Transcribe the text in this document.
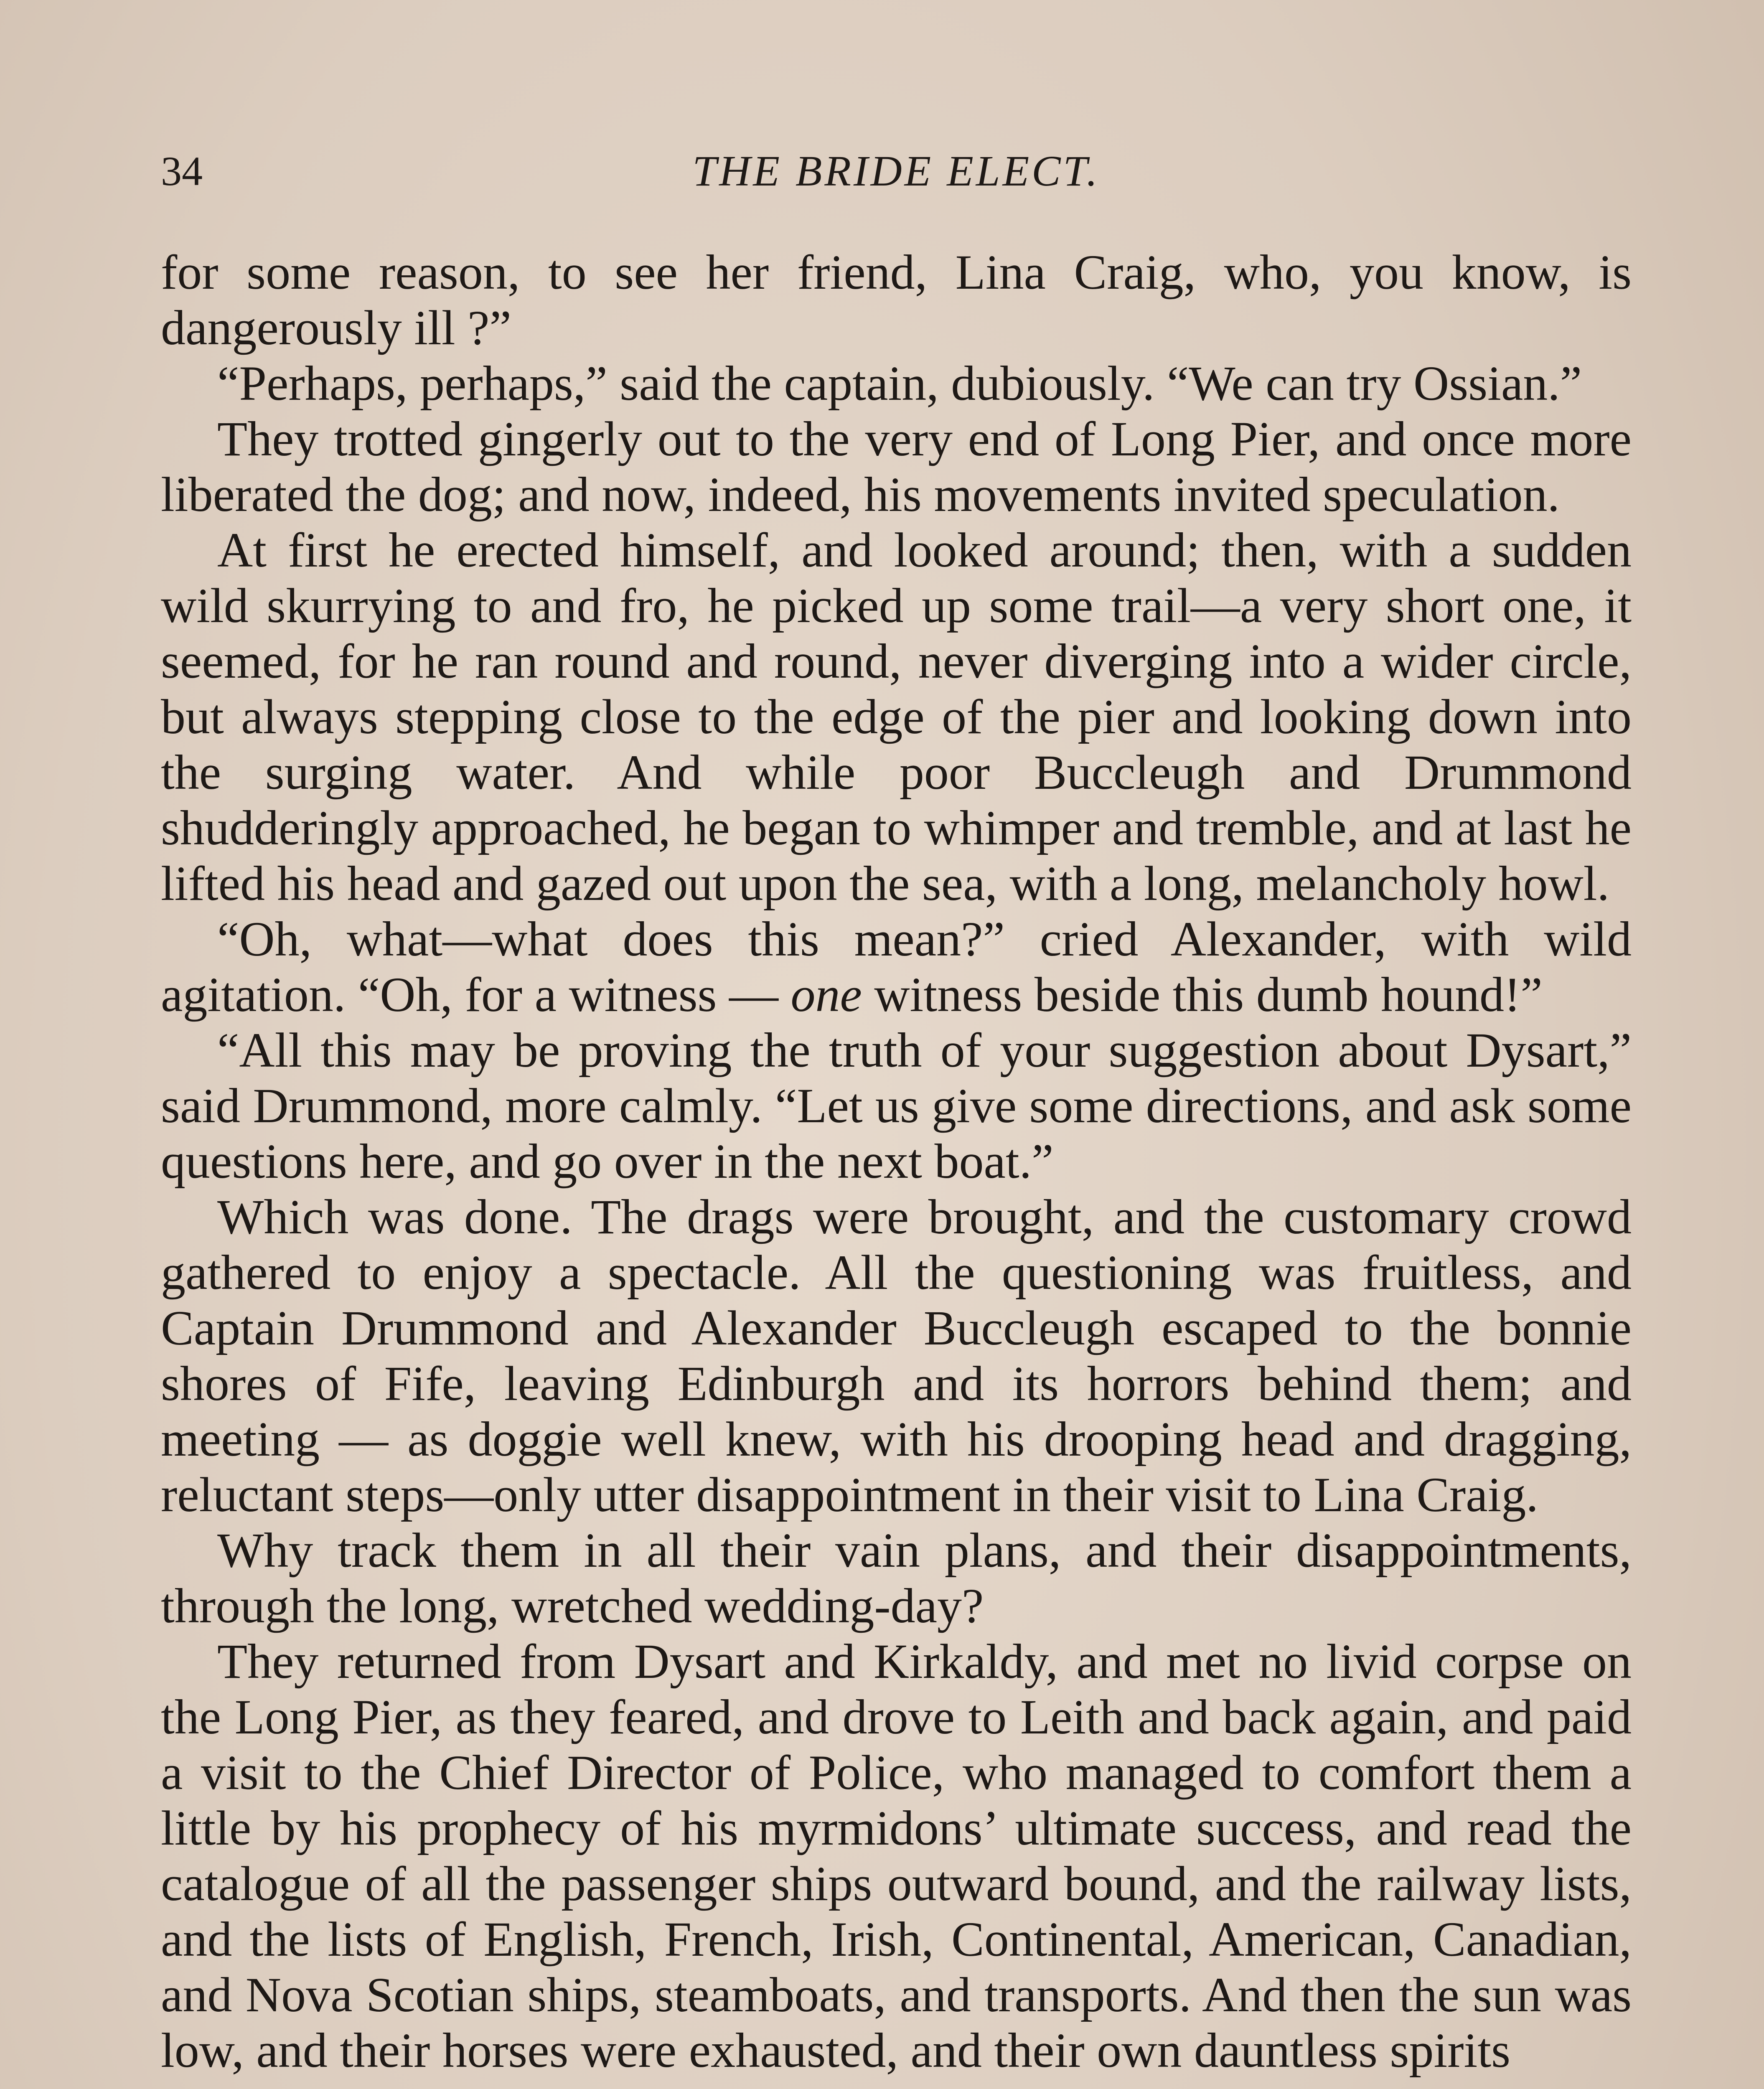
34	THE BRIDE ELECT.

for some reason, to see her friend, Lina Craig, who, you know, is dangerously ill ?”

“Perhaps, perhaps,” said the captain, dubiously. “We can try Ossian.”

They trotted gingerly out to the very end of Long Pier, and once more liberated the dog; and now, indeed, his movements invited speculation.

At first he erected himself, and looked around; then, with a sudden wild skurrying to and fro, he picked up some trail—a very short one, it seemed, for he ran round and round, never diverging into a wider circle, but always stepping close to the edge of the pier and looking down into the surging water. And while poor Buccleugh and Drummond shudderingly approached, he began to whimper and tremble, and at last he lifted his head and gazed out upon the sea, with a long, melancholy howl.

“Oh, what—what does this mean?” cried Alexander, with wild agitation. “Oh, for a witness — one witness beside this dumb hound!”

“All this may be proving the truth of your suggestion about Dysart,” said Drummond, more calmly. “Let us give some directions, and ask some questions here, and go over in the next boat.”

Which was done. The drags were brought, and the customary crowd gathered to enjoy a spectacle. All the questioning was fruitless, and Captain Drummond and Alexander Buccleugh escaped to the bonnie shores of Fife, leaving Edinburgh and its horrors behind them; and meeting — as doggie well knew, with his drooping head and dragging, reluctant steps—only utter disappointment in their visit to Lina Craig.

Why track them in all their vain plans, and their disappointments, through the long, wretched wedding-day?

They returned from Dysart and Kirkaldy, and met no livid corpse on the Long Pier, as they feared, and drove to Leith and back again, and paid a visit to the Chief Director of Police, who managed to comfort them a little by his prophecy of his myrmidons’ ultimate success, and read the catalogue of all the passenger ships outward bound, and the railway lists, and the lists of English, French, Irish, Continental, American, Canadian, and Nova Scotian ships, steamboats, and transports. And then the sun was low, and their horses were exhausted, and their own dauntless spirits
